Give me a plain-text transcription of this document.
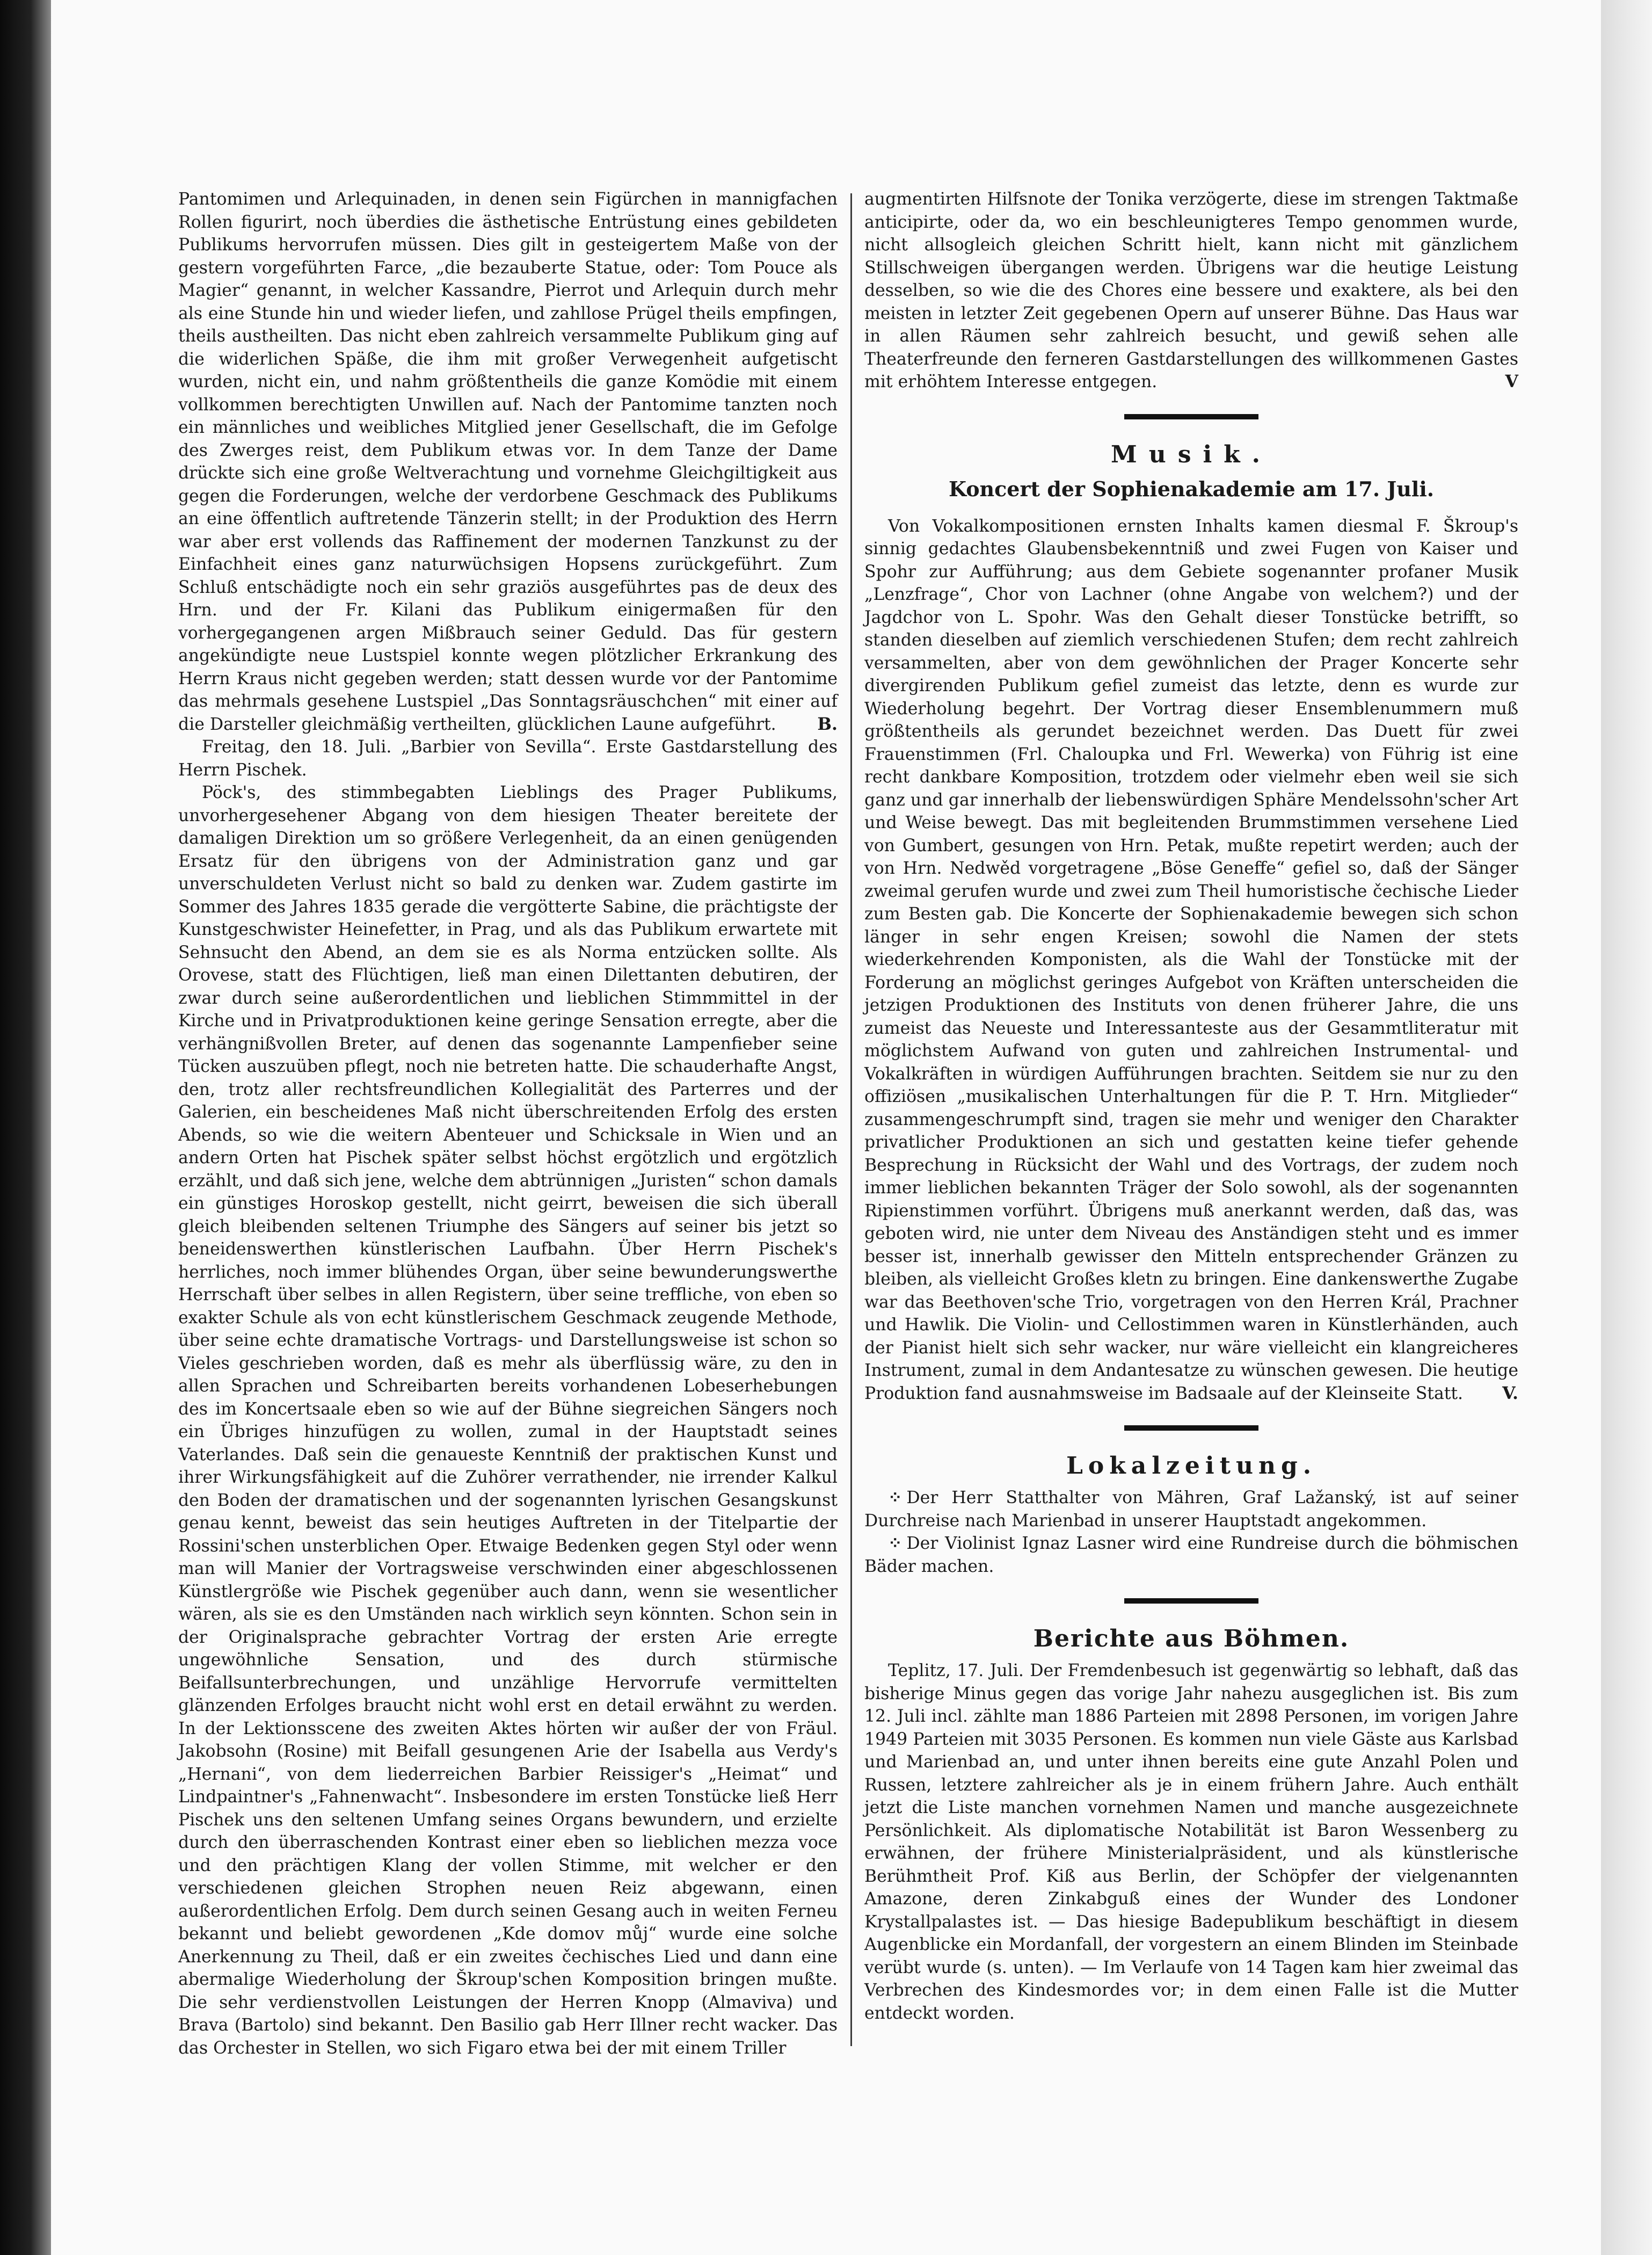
Pantomimen und Arlequinaden, in denen sein Figürchen in mannigfachen Rollen figurirt, noch überdies die ästhetische Entrüstung eines gebildeten Publikums hervorrufen müssen. Dies gilt in gesteigertem Maße von der gestern vorgeführten Farce, „die bezauberte Statue, oder: Tom Pouce als Magier“ genannt, in welcher Kassandre, Pierrot und Arlequin durch mehr als eine Stunde hin und wieder liefen, und zahllose Prügel theils empfingen, theils austheilten. Das nicht eben zahlreich versammelte Publikum ging auf die widerlichen Späße, die ihm mit großer Verwegenheit aufgetischt wurden, nicht ein, und nahm größtentheils die ganze Komödie mit einem vollkommen berechtigten Unwillen auf. Nach der Pantomime tanzten noch ein männliches und weibliches Mitglied jener Gesellschaft, die im Gefolge des Zwerges reist, dem Publikum etwas vor. In dem Tanze der Dame drückte sich eine große Weltverachtung und vornehme Gleichgiltigkeit aus gegen die Forderungen, welche der verdorbene Geschmack des Publikums an eine öffentlich auftretende Tänzerin stellt; in der Produktion des Herrn war aber erst vollends das Raffinement der modernen Tanzkunst zu der Einfachheit eines ganz naturwüchsigen Hopsens zurückgeführt. Zum Schluß entschädigte noch ein sehr graziös ausgeführtes pas de deux des Hrn. und der Fr. Kilani das Publikum einigermaßen für den vorhergegangenen argen Mißbrauch seiner Geduld. Das für gestern angekündigte neue Lustspiel konnte wegen plötzlicher Erkrankung des Herrn Kraus nicht gegeben werden; statt dessen wurde vor der Pantomime das mehrmals gesehene Lustspiel „Das Sonntagsräuschchen“ mit einer auf die Darsteller gleichmäßig vertheilten, glücklichen Laune aufgeführt. B.

Freitag, den 18. Juli. „Barbier von Sevilla“. Erste Gastdarstellung des Herrn Pischek.

Pöck's, des stimmbegabten Lieblings des Prager Publikums, unvorhergesehener Abgang von dem hiesigen Theater bereitete der damaligen Direktion um so größere Verlegenheit, da an einen genügenden Ersatz für den übrigens von der Administration ganz und gar unverschuldeten Verlust nicht so bald zu denken war. Zudem gastirte im Sommer des Jahres 1835 gerade die vergötterte Sabine, die prächtigste der Kunstgeschwister Heinefetter, in Prag, und als das Publikum erwartete mit Sehnsucht den Abend, an dem sie es als Norma entzücken sollte. Als Orovese, statt des Flüchtigen, ließ man einen Dilettanten debutiren, der zwar durch seine außerordentlichen und lieblichen Stimmmittel in der Kirche und in Privatproduktionen keine geringe Sensation erregte, aber die verhängnißvollen Breter, auf denen das sogenannte Lampenfieber seine Tücken auszuüben pflegt, noch nie betreten hatte. Die schauderhafte Angst, den, trotz aller rechtsfreundlichen Kollegialität des Parterres und der Galerien, ein bescheidenes Maß nicht überschreitenden Erfolg des ersten Abends, so wie die weitern Abenteuer und Schicksale in Wien und an andern Orten hat Pischek später selbst höchst ergötzlich und ergötzlich erzählt, und daß sich jene, welche dem abtrünnigen „Juristen“ schon damals ein günstiges Horoskop gestellt, nicht geirrt, beweisen die sich überall gleich bleibenden seltenen Triumphe des Sängers auf seiner bis jetzt so beneidenswerthen künstlerischen Laufbahn. Über Herrn Pischek's herrliches, noch immer blühendes Organ, über seine bewunderungswerthe Herrschaft über selbes in allen Registern, über seine treffliche, von eben so exakter Schule als von echt künstlerischem Geschmack zeugende Methode, über seine echte dramatische Vortrags- und Darstellungsweise ist schon so Vieles geschrieben worden, daß es mehr als überflüssig wäre, zu den in allen Sprachen und Schreibarten bereits vorhandenen Lobeserhebungen des im Koncertsaale eben so wie auf der Bühne siegreichen Sängers noch ein Übriges hinzufügen zu wollen, zumal in der Hauptstadt seines Vaterlandes. Daß sein die genaueste Kenntniß der praktischen Kunst und ihrer Wirkungsfähigkeit auf die Zuhörer verrathender, nie irrender Kalkul den Boden der dramatischen und der sogenannten lyrischen Gesangskunst genau kennt, beweist das sein heutiges Auftreten in der Titelpartie der Rossini'schen unsterblichen Oper. Etwaige Bedenken gegen Styl oder wenn man will Manier der Vortragsweise verschwinden einer abgeschlossenen Künstlergröße wie Pischek gegenüber auch dann, wenn sie wesentlicher wären, als sie es den Umständen nach wirklich seyn könnten. Schon sein in der Originalsprache gebrachter Vortrag der ersten Arie erregte ungewöhnliche Sensation, und des durch stürmische Beifallsunterbrechungen, und unzählige Hervorrufe vermittelten glänzenden Erfolges braucht nicht wohl erst en detail erwähnt zu werden. In der Lektionsscene des zweiten Aktes hörten wir außer der von Fräul. Jakobsohn (Rosine) mit Beifall gesungenen Arie der Isabella aus Verdy's „Hernani“, von dem liederreichen Barbier Reissiger's „Heimat“ und Lindpaintner's „Fahnenwacht“. Insbesondere im ersten Tonstücke ließ Herr Pischek uns den seltenen Umfang seines Organs bewundern, und erzielte durch den überraschenden Kontrast einer eben so lieblichen mezza voce und den prächtigen Klang der vollen Stimme, mit welcher er den verschiedenen gleichen Strophen neuen Reiz abgewann, einen außerordentlichen Erfolg. Dem durch seinen Gesang auch in weiten Ferneu bekannt und beliebt gewordenen „Kde domov můj“ wurde eine solche Anerkennung zu Theil, daß er ein zweites čechisches Lied und dann eine abermalige Wiederholung der Škroup'schen Komposition bringen mußte. Die sehr verdienstvollen Leistungen der Herren Knopp (Almaviva) und Brava (Bartolo) sind bekannt. Den Basilio gab Herr Illner recht wacker. Das das Orchester in Stellen, wo sich Figaro etwa bei der mit einem Triller

augmentirten Hilfsnote der Tonika verzögerte, diese im strengen Taktmaße anticipirte, oder da, wo ein beschleunigteres Tempo genommen wurde, nicht allsogleich gleichen Schritt hielt, kann nicht mit gänzlichem Stillschweigen übergangen werden. Übrigens war die heutige Leistung desselben, so wie die des Chores eine bessere und exaktere, als bei den meisten in letzter Zeit gegebenen Opern auf unserer Bühne. Das Haus war in allen Räumen sehr zahlreich besucht, und gewiß sehen alle Theaterfreunde den ferneren Gastdarstellungen des willkommenen Gastes mit erhöhtem Interesse entgegen.	V

Musik.
Koncert der Sophienakademie am 17. Juli.

Von Vokalkompositionen ernsten Inhalts kamen diesmal F. Škroup's sinnig gedachtes Glaubensbekenntniß und zwei Fugen von Kaiser und Spohr zur Aufführung; aus dem Gebiete sogenannter profaner Musik „Lenzfrage“, Chor von Lachner (ohne Angabe von welchem?) und der Jagdchor von L. Spohr. Was den Gehalt dieser Tonstücke betrifft, so standen dieselben auf ziemlich verschiedenen Stufen; dem recht zahlreich versammelten, aber von dem gewöhnlichen der Prager Koncerte sehr divergirenden Publikum gefiel zumeist das letzte, denn es wurde zur Wiederholung begehrt. Der Vortrag dieser Ensemblenummern muß größtentheils als gerundet bezeichnet werden. Das Duett für zwei Frauenstimmen (Frl. Chaloupka und Frl. Wewerka) von Führig ist eine recht dankbare Komposition, trotzdem oder vielmehr eben weil sie sich ganz und gar innerhalb der liebenswürdigen Sphäre Mendelssohn'scher Art und Weise bewegt. Das mit begleitenden Brummstimmen versehene Lied von Gumbert, gesungen von Hrn. Petak, mußte repetirt werden; auch der von Hrn. Nedwěd vorgetragene „Böse Geneffe“ gefiel so, daß der Sänger zweimal gerufen wurde und zwei zum Theil humoristische čechische Lieder zum Besten gab. Die Koncerte der Sophienakademie bewegen sich schon länger in sehr engen Kreisen; sowohl die Namen der stets wiederkehrenden Komponisten, als die Wahl der Tonstücke mit der Forderung an möglichst geringes Aufgebot von Kräften unterscheiden die jetzigen Produktionen des Instituts von denen früherer Jahre, die uns zumeist das Neueste und Interessanteste aus der Gesammtliteratur mit möglichstem Aufwand von guten und zahlreichen Instrumental- und Vokalkräften in würdigen Aufführungen brachten. Seitdem sie nur zu den offiziösen „musikalischen Unterhaltungen für die P. T. Hrn. Mitglieder“ zusammengeschrumpft sind, tragen sie mehr und weniger den Charakter privatlicher Produktionen an sich und gestatten keine tiefer gehende Besprechung in Rücksicht der Wahl und des Vortrags, der zudem noch immer lieblichen bekannten Träger der Solo sowohl, als der sogenannten Ripienstimmen vorführt. Übrigens muß anerkannt werden, daß das, was geboten wird, nie unter dem Niveau des Anständigen steht und es immer besser ist, innerhalb gewisser den Mitteln entsprechender Gränzen zu bleiben, als vielleicht Großes kletn zu bringen. Eine dankenswerthe Zugabe war das Beethoven'sche Trio, vorgetragen von den Herren Král, Prachner und Hawlik. Die Violin- und Cellostimmen waren in Künstlerhänden, auch der Pianist hielt sich sehr wacker, nur wäre vielleicht ein klangreicheres Instrument, zumal in dem Andantesatze zu wünschen gewesen. Die heutige Produktion fand ausnahmsweise im Badsaale auf der Kleinseite Statt.	V.

Lokalzeitung.

⁘ Der Herr Statthalter von Mähren, Graf Lažanský, ist auf seiner Durchreise nach Marienbad in unserer Hauptstadt angekommen.

⁘ Der Violinist Ignaz Lasner wird eine Rundreise durch die böhmischen Bäder machen.

Berichte aus Böhmen.

Teplitz, 17. Juli. Der Fremdenbesuch ist gegenwärtig so lebhaft, daß das bisherige Minus gegen das vorige Jahr nahezu ausgeglichen ist. Bis zum 12. Juli incl. zählte man 1886 Parteien mit 2898 Personen, im vorigen Jahre 1949 Parteien mit 3035 Personen. Es kommen nun viele Gäste aus Karlsbad und Marienbad an, und unter ihnen bereits eine gute Anzahl Polen und Russen, letztere zahlreicher als je in einem frühern Jahre. Auch enthält jetzt die Liste manchen vornehmen Namen und manche ausgezeichnete Persönlichkeit. Als diplomatische Notabilität ist Baron Wessenberg zu erwähnen, der frühere Ministerialpräsident, und als künstlerische Berühmtheit Prof. Kiß aus Berlin, der Schöpfer der vielgenannten Amazone, deren Zinkabguß eines der Wunder des Londoner Krystallpalastes ist. — Das hiesige Badepublikum beschäftigt in diesem Augenblicke ein Mordanfall, der vorgestern an einem Blinden im Steinbade verübt wurde (s. unten). — Im Verlaufe von 14 Tagen kam hier zweimal das Verbrechen des Kindesmordes vor; in dem einen Falle ist die Mutter entdeckt worden.
